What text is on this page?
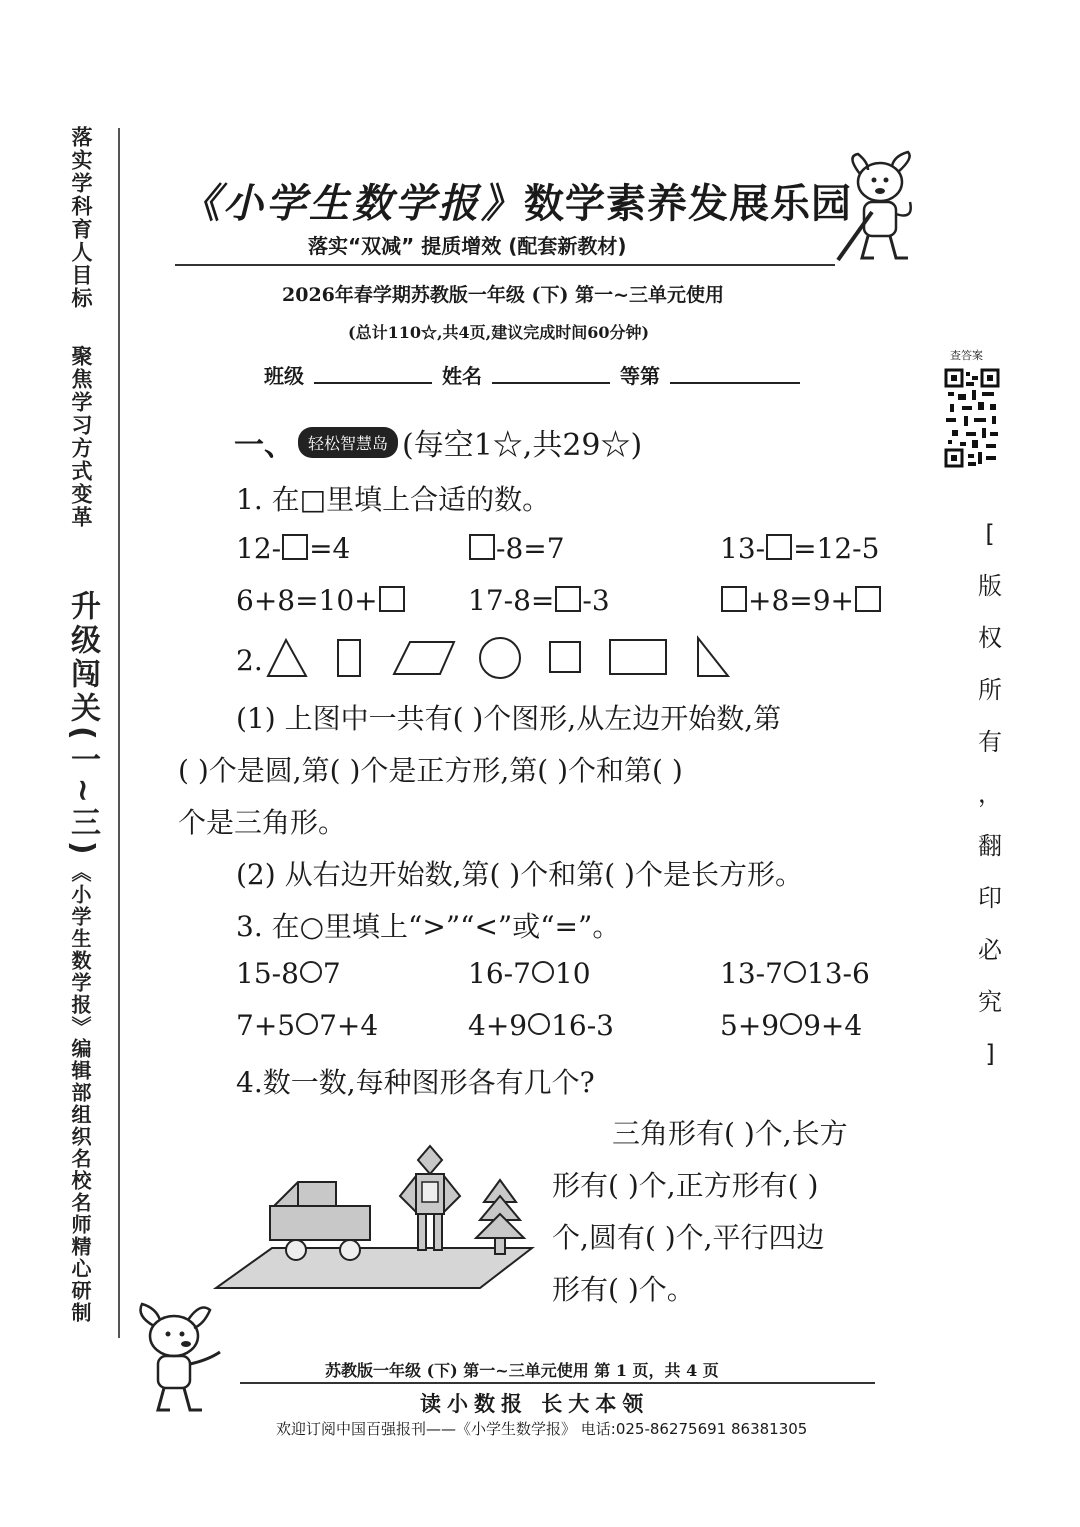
落实学科育人目标
聚焦学习方式变革
升级闯关(一~三)
《小学生数学报》编辑部组织名校名师精心研制
《小学生数学报》数学素养发展乐园
落实“双减” 提质增效 (配套新教材)
2026年春学期苏教版一年级 (下) 第一~三单元使用
(总计110☆,共4页,建议完成时间60分钟)
班级	姓名	等第
查答案
[
版
权
所
有
，
翻
印
必
究
]
一、 轻松智慧岛 (每空1☆,共29☆)
1. 在□里填上合适的数。
12- =4	-8=7	13- =12-5
6+8=10+	17-8= -3	+8=9+
2.
(1) 上图中一共有( )个图形,从左边开始数,第
( )个是圆,第( )个是正方形,第( )个和第( )
个是三角形。
(2) 从右边开始数,第( )个和第( )个是长方形。
3. 在○里填上“>”“<”或“=”。
15-8 7	16-7 10	13-7 13-6
7+5 7+4	4+9 16-3	5+9 9+4
4.数一数,每种图形各有几个?
三角形有( )个,长方
形有( )个,正方形有( )
个,圆有( )个,平行四边
形有( )个。
苏教版一年级 (下) 第一~三单元使用 第 1 页，共 4 页
读小数报 长大本领
欢迎订阅中国百强报刊——《小学生数学报》 电话:025-86275691 86381305
